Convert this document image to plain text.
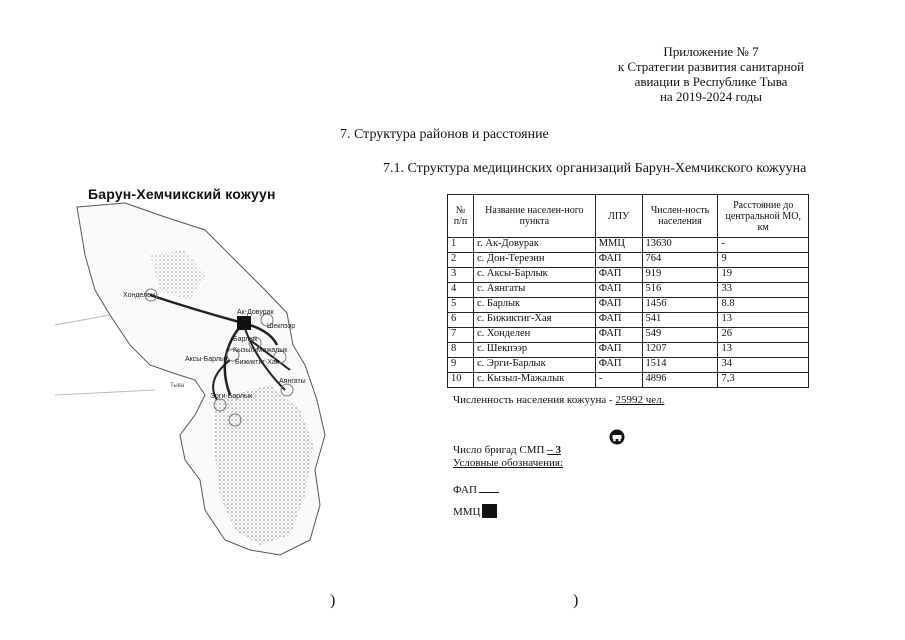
Приложение № 7
к Стратегии развития санитарной
авиации в Республике Тыва
на 2019-2024 годы
7. Структура районов и расстояние
7.1. Структура медицинских организаций Барун-Хемчикского кожууна
Барун-Хемчикский кожуун
Хонделен
Ак-Довурак
Шекпээр
Барлык
Кызыл-Мажалык
Аксы-Барлык Бижиктиг-Хая
Аянгаты
Эрги-Барлык
Тыва
№ п/п	Название населен-ного пункта	ЛПУ	Числен-ность населения	Расстояние до центральной МО, км
1	г. Ак-Довурак	ММЦ	13630	-
2	с. Дон-Терезин	ФАП	764	9
3	с. Аксы-Барлык	ФАП	919	19
4	с. Аянгаты	ФАП	516	33
5	с. Барлык	ФАП	1456	8.8
6	с. Бижиктиг-Хая	ФАП	541	13
7	с. Хонделен	ФАП	549	26
8	с. Шекпээр	ФАП	1207	13
9	с. Эрги-Барлык	ФАП	1514	34
10	с. Кызыл-Мажалык	-	4896	7,3
Численность населения кожууна - 25992 чел.
Число бригад СМП – 3
Условные обозначения:
ФАП
ММЦ
)	)
